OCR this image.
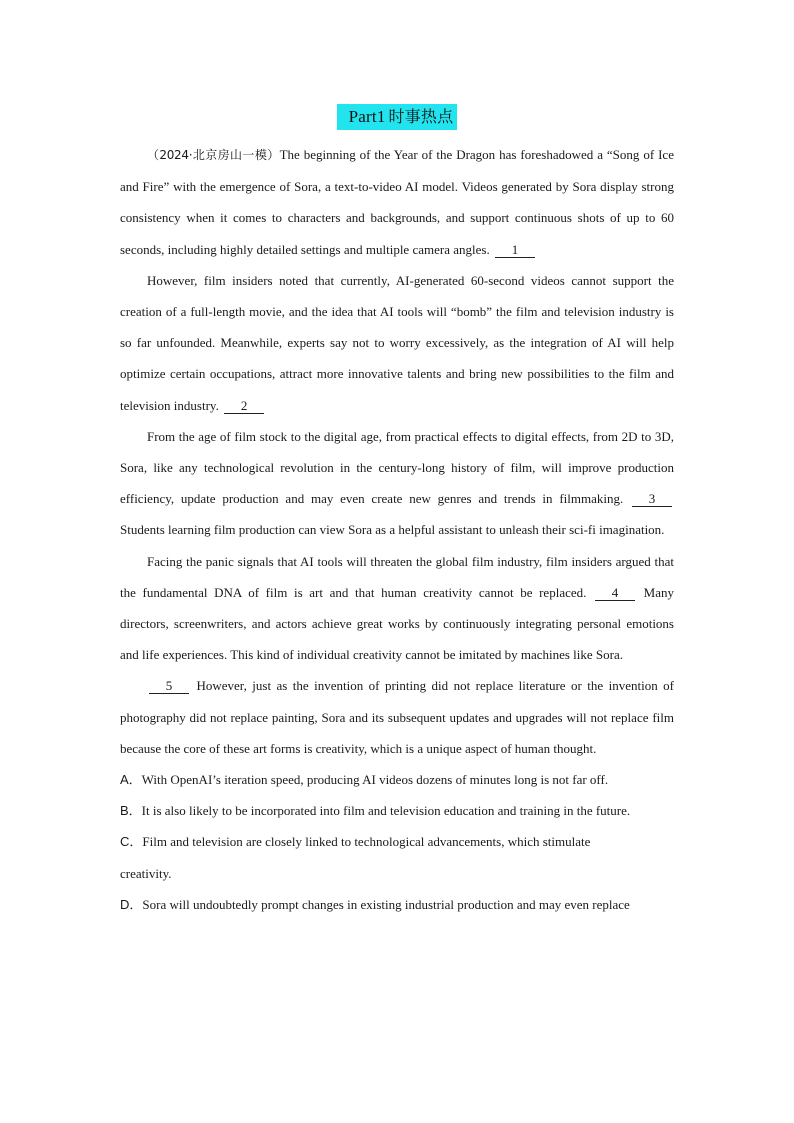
Part1 时事热点

（2024·北京房山一模）The beginning of the Year of the Dragon has foreshadowed a “Song of Ice and Fire” with the emergence of Sora, a text-to-video AI model. Videos generated by Sora display strong consistency when it comes to characters and backgrounds, and support continuous shots of up to 60 seconds, including highly detailed settings and multiple camera angles. 1

However, film insiders noted that currently, AI-generated 60-second videos cannot support the creation of a full-length movie, and the idea that AI tools will “bomb” the film and television industry is so far unfounded. Meanwhile, experts say not to worry excessively, as the integration of AI will help optimize certain occupations, attract more innovative talents and bring new possibilities to the film and television industry. 2

From the age of film stock to the digital age, from practical effects to digital effects, from 2D to 3D, Sora, like any technological revolution in the century-long history of film, will improve production efficiency, update production and may even create new genres and trends in filmmaking. 3 Students learning film production can view Sora as a helpful assistant to unleash their sci-fi imagination.

Facing the panic signals that AI tools will threaten the global film industry, film insiders argued that the fundamental DNA of film is art and that human creativity cannot be replaced. 4 Many directors, screenwriters, and actors achieve great works by continuously integrating personal emotions and life experiences. This kind of individual creativity cannot be imitated by machines like Sora.

5 However, just as the invention of printing did not replace literature or the invention of photography did not replace painting, Sora and its subsequent updates and upgrades will not replace film because the core of these art forms is creativity, which is a unique aspect of human thought.

A．With OpenAI’s iteration speed, producing AI videos dozens of minutes long is not far off.

B．It is also likely to be incorporated into film and television education and training in the future.

C．Film and television are closely linked to technological advancements, which stimulate creativity.

D．Sora will undoubtedly prompt changes in existing industrial production and may even replace
